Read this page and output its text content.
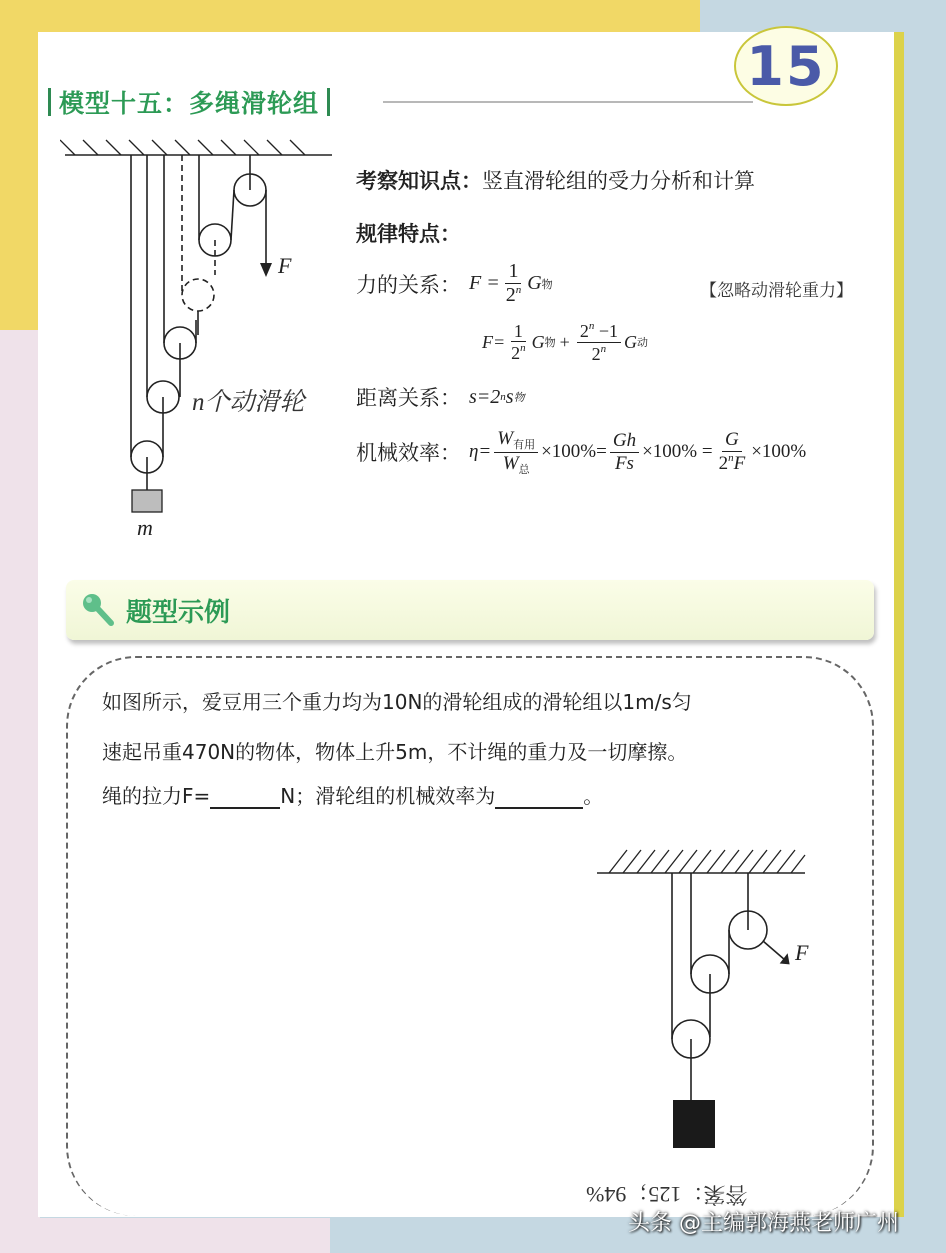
15
模型十五：多绳滑轮组
F
n个动滑轮
m
考察知识点：竖直滑轮组的受力分析和计算
规律特点：
力的关系： $F = \frac{1}{2^n}$ G 物	【忽略动滑轮重力】
$F= \frac{1}{2^n}$ G 物 + $\frac{2^n -1}{2^n}$ G 动
距离关系： s=2 n s 物
机械效率： $\eta= \frac{W_{有用}}{W_总} \times 100\%= \frac{Gh}{Fs} \times 100\% = \frac{G}{2^nF} \times 100\%$
题型示例
如图所示，爱豆用三个重力均为10N的滑轮组成的滑轮组以1m/s匀
速起吊重470N的物体，物体上升5m，不计绳的重力及一切摩擦。
绳的拉力F=	N；滑轮组的机械效率为	。
F
答案：125；94%
头条 @主编郭海燕老师广州
